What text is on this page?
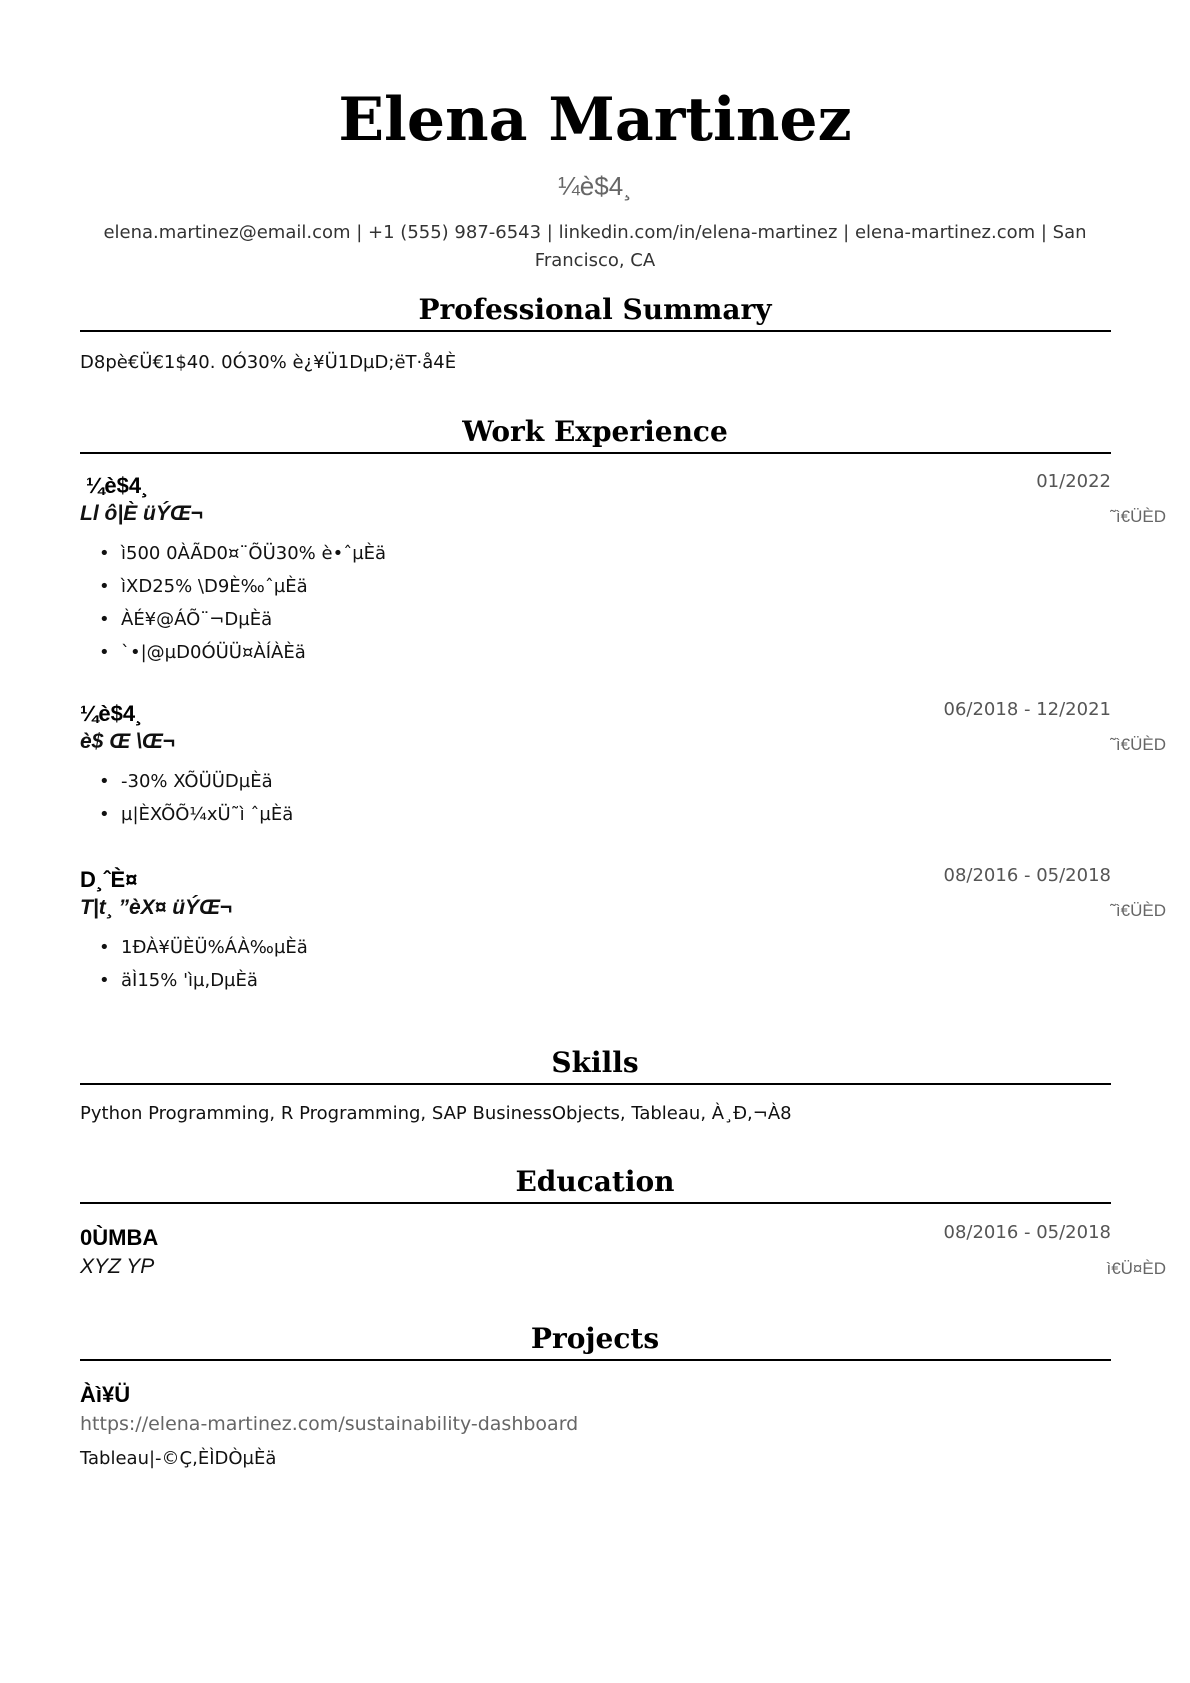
Elena Martinez
¼è$4¸
elena.martinez@email.com | +1 (555) 987-6543 | linkedin.com/in/elena-martinez | elena-martinez.com | San Francisco, CA
Professional Summary
D8pè€Ü€1$40. 0Ó30% è¿¥Ü1DµD;ëT·å4È
Work Experience
¼è$4¸	01/2022
Ll ô|È üÝŒ¬	˜ì€ÜÈD
• ì500 0ÀÃD0¤¨ÕÜ30% è•ˆµÈä
• ìXD25% \D9È‰ˆµÈä
• ÀÉ¥@ÁÕ¨¬DµÈä
• `•|@µD0ÓÜÜ¤ÀÍÀÈä
¼è$4¸	06/2018 - 12/2021
è$ Œ \Œ¬	˜ì€ÜÈD
• -30% XÕÜÜDµÈä
• µ|ÈXÕÕ¼xÜ˜ì ˆµÈä
D¸ˆÈ¤	08/2016 - 05/2018
T|t¸ ”èX¤ üÝŒ¬	˜ì€ÜÈD
• 1ÐÀ¥ÜÈÜ%ÁÀ‰µÈä
• äÌ15% 'ìµ,DµÈä
Skills
Python Programming, R Programming, SAP BusinessObjects, Tableau, À¸Ð,¬À8
Education
0ÙMBA	08/2016 - 05/2018
XYZ YP	ì€Ü¤ÈD
Projects
Àì¥Ü
https://elena-martinez.com/sustainability-dashboard
Tableau|-©Ç,ÈÌDÒµÈä
